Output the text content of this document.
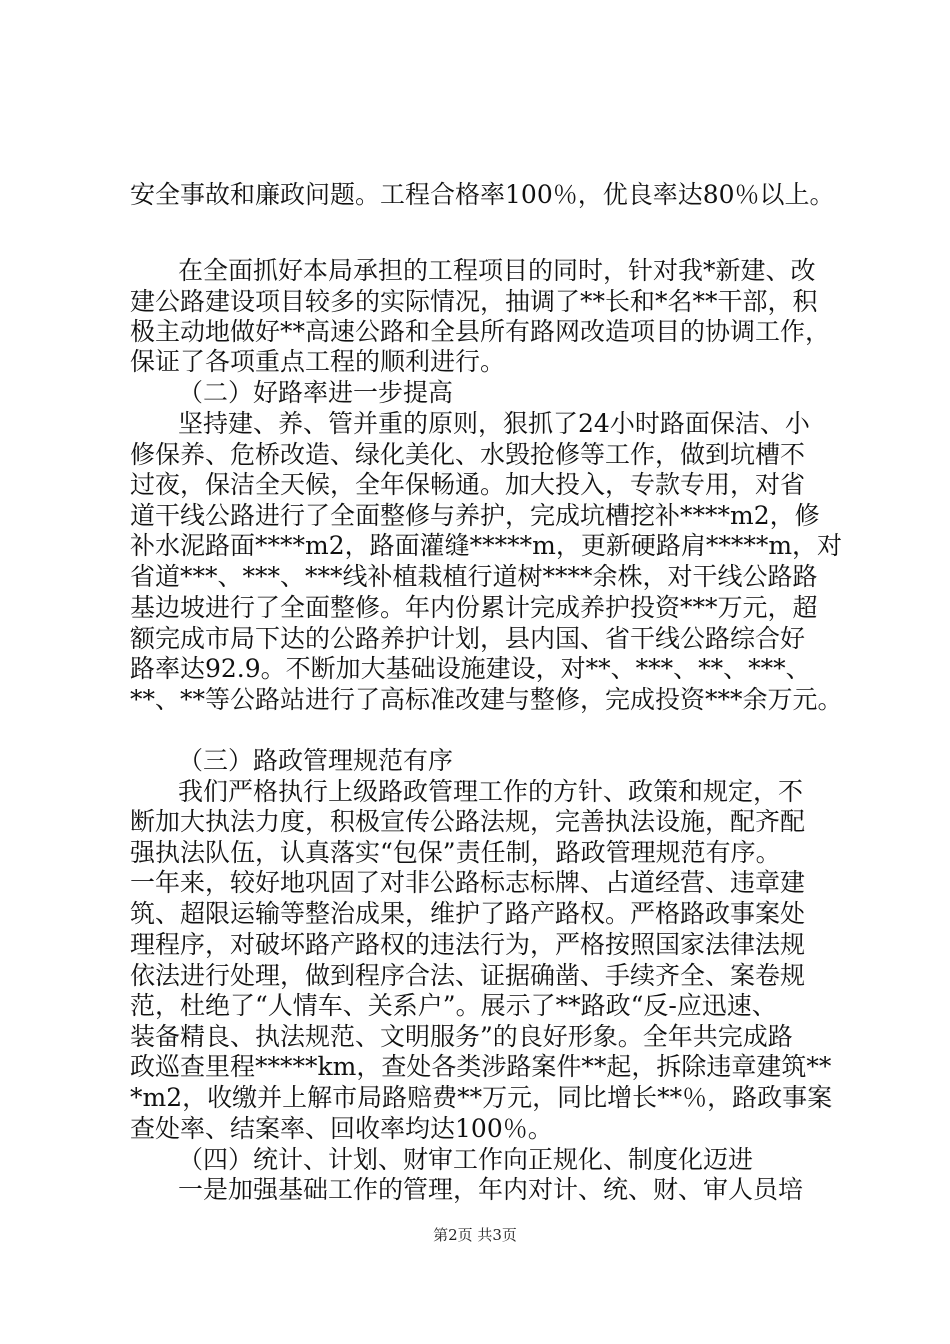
安全事故和廉政问题。工程合格率100％，优良率达80％以上。
在全面抓好本局承担的工程项目的同时，针对我*新建、改
建公路建设项目较多的实际情况，抽调了**长和*名**干部，积
极主动地做好**高速公路和全县所有路网改造项目的协调工作，
保证了各项重点工程的顺利进行。
（二）好路率进一步提高
坚持建、养、管并重的原则，狠抓了24小时路面保洁、小
修保养、危桥改造、绿化美化、水毁抢修等工作，做到坑槽不
过夜，保洁全天候，全年保畅通。加大投入，专款专用，对省
道干线公路进行了全面整修与养护，完成坑槽挖补****m2，修
补水泥路面****m2，路面灌缝*****m，更新硬路肩*****m，对
省道***、***、***线补植栽植行道树****余株，对干线公路路
基边坡进行了全面整修。年内份累计完成养护投资***万元，超
额完成市局下达的公路养护计划，县内国、省干线公路综合好
路率达92.9。不断加大基础设施建设，对**、***、**、***、
**、**等公路站进行了高标准改建与整修，完成投资***余万元。
（三）路政管理规范有序
我们严格执行上级路政管理工作的方针、政策和规定，不
断加大执法力度，积极宣传公路法规，完善执法设施，配齐配
强执法队伍，认真落实“包保”责任制，路政管理规范有序。
一年来，较好地巩固了对非公路标志标牌、占道经营、违章建
筑、超限运输等整治成果，维护了路产路权。严格路政事案处
理程序，对破坏路产路权的违法行为，严格按照国家法律法规
依法进行处理，做到程序合法、证据确凿、手续齐全、案卷规
范，杜绝了“人情车、关系户”。展示了**路政“反-应迅速、
装备精良、执法规范、文明服务”的良好形象。全年共完成路
政巡查里程*****km，查处各类涉路案件**起，拆除违章建筑**
*m2，收缴并上解市局路赔费**万元，同比增长**％，路政事案
查处率、结案率、回收率均达100％。
（四）统计、计划、财审工作向正规化、制度化迈进
一是加强基础工作的管理，年内对计、统、财、审人员培
第2页 共3页
